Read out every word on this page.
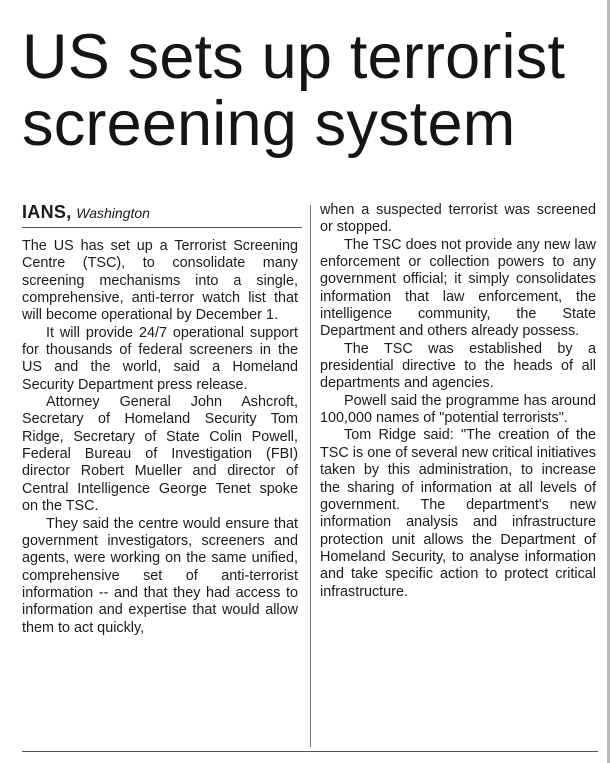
US sets up terrorist
screening system
IANS, Washington

The US has set up a Terrorist Screening Centre (TSC), to consolidate many screening mechanisms into a single, comprehensive, anti-terror watch list that will become operational by December 1.

It will provide 24/7 operational support for thousands of federal screeners in the US and the world, said a Homeland Security Department press release.

Attorney General John Ashcroft, Secretary of Homeland Security Tom Ridge, Secretary of State Colin Powell, Federal Bureau of Investigation (FBI) director Robert Mueller and director of Central Intelligence George Tenet spoke on the TSC.

They said the centre would ensure that government investigators, screeners and agents, were working on the same unified, comprehensive set of anti-terrorist information -- and that they had access to information and expertise that would allow them to act quickly,

when a suspected terrorist was screened or stopped.

The TSC does not provide any new law enforcement or collection powers to any government official; it simply consolidates information that law enforcement, the intelligence community, the State Department and others already possess.

The TSC was established by a presidential directive to the heads of all departments and agencies.

Powell said the programme has around 100,000 names of "potential terrorists".

Tom Ridge said: "The creation of the TSC is one of several new critical initiatives taken by this administration, to increase the sharing of information at all levels of government. The department's new information analysis and infrastructure protection unit allows the Department of Homeland Security, to analyse information and take specific action to protect critical infrastructure.
